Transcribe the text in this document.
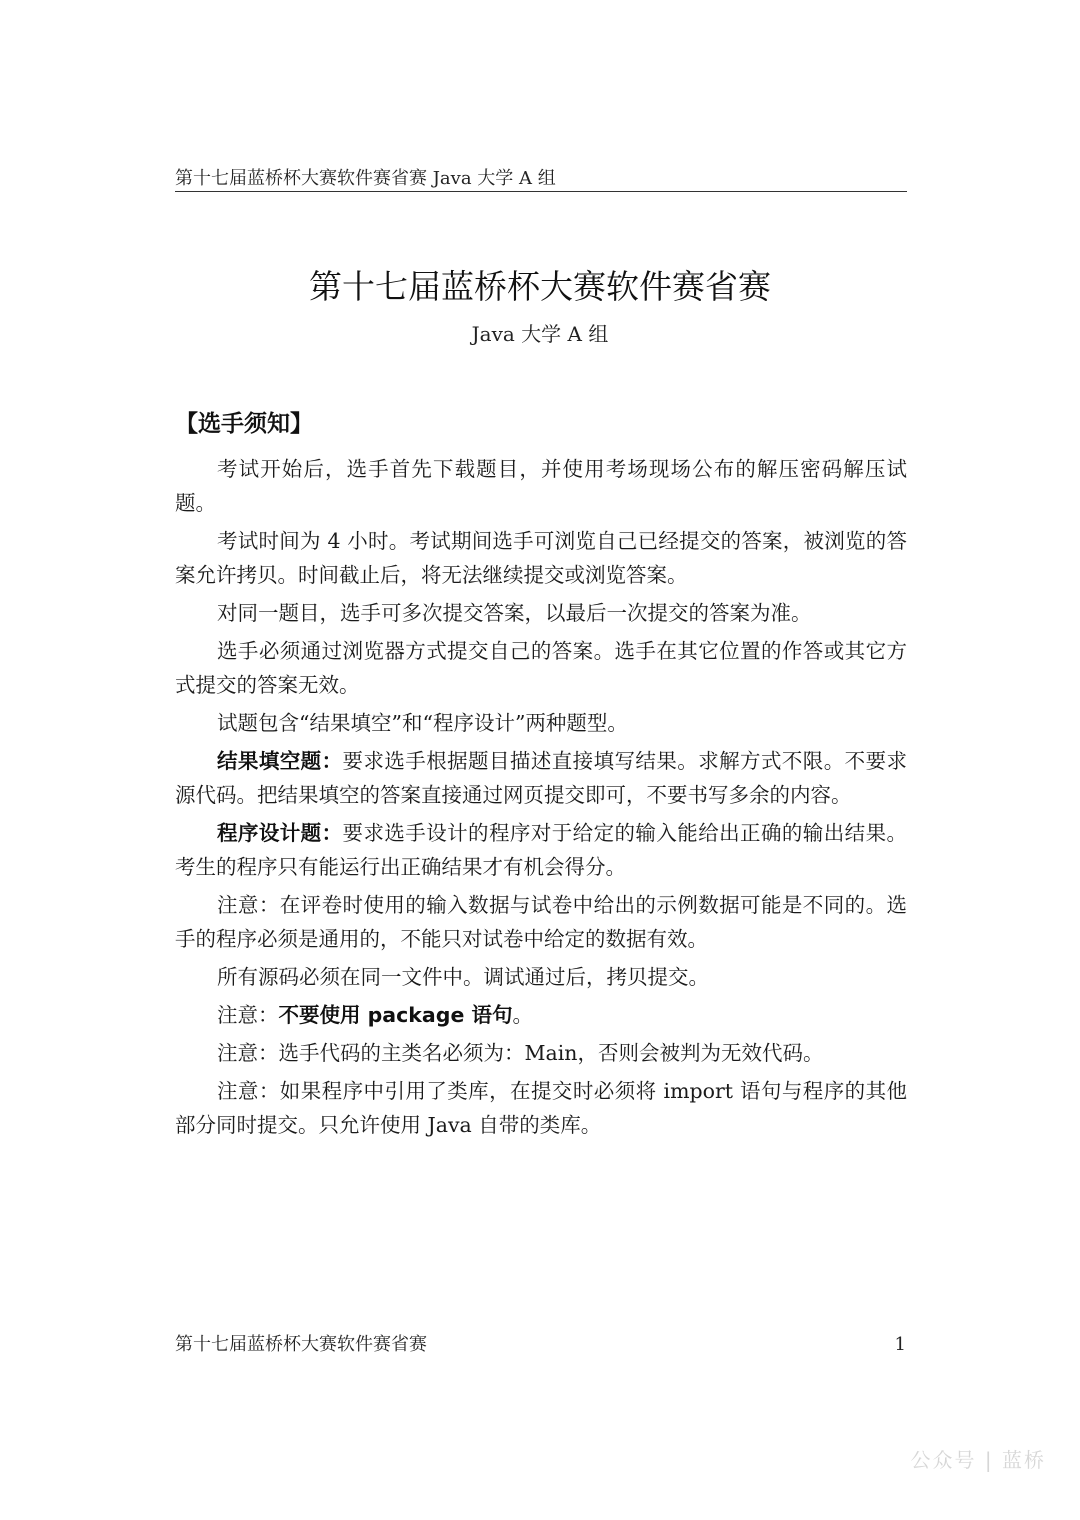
第十七届蓝桥杯大赛软件赛省赛 Java 大学 A 组
第十七届蓝桥杯大赛软件赛省赛
Java 大学 A 组
【选手须知】

考试开始后，选手首先下载题目，并使用考场现场公布的解压密码解压试题。

考试时间为 4 小时。考试期间选手可浏览自己已经提交的答案，被浏览的答案允许拷贝。时间截止后，将无法继续提交或浏览答案。

对同一题目，选手可多次提交答案，以最后一次提交的答案为准。

选手必须通过浏览器方式提交自己的答案。选手在其它位置的作答或其它方式提交的答案无效。

试题包含“结果填空”和“程序设计”两种题型。

结果填空题：要求选手根据题目描述直接填写结果。求解方式不限。不要求源代码。把结果填空的答案直接通过网页提交即可，不要书写多余的内容。

程序设计题：要求选手设计的程序对于给定的输入能给出正确的输出结果。考生的程序只有能运行出正确结果才有机会得分。

注意：在评卷时使用的输入数据与试卷中给出的示例数据可能是不同的。选手的程序必须是通用的，不能只对试卷中给定的数据有效。

所有源码必须在同一文件中。调试通过后，拷贝提交。

注意：不要使用 package 语句。

注意：选手代码的主类名必须为：Main，否则会被判为无效代码。

注意：如果程序中引用了类库，在提交时必须将 import 语句与程序的其他部分同时提交。只允许使用 Java 自带的类库。

第十七届蓝桥杯大赛软件赛省赛	1
公众号 | 蓝桥
